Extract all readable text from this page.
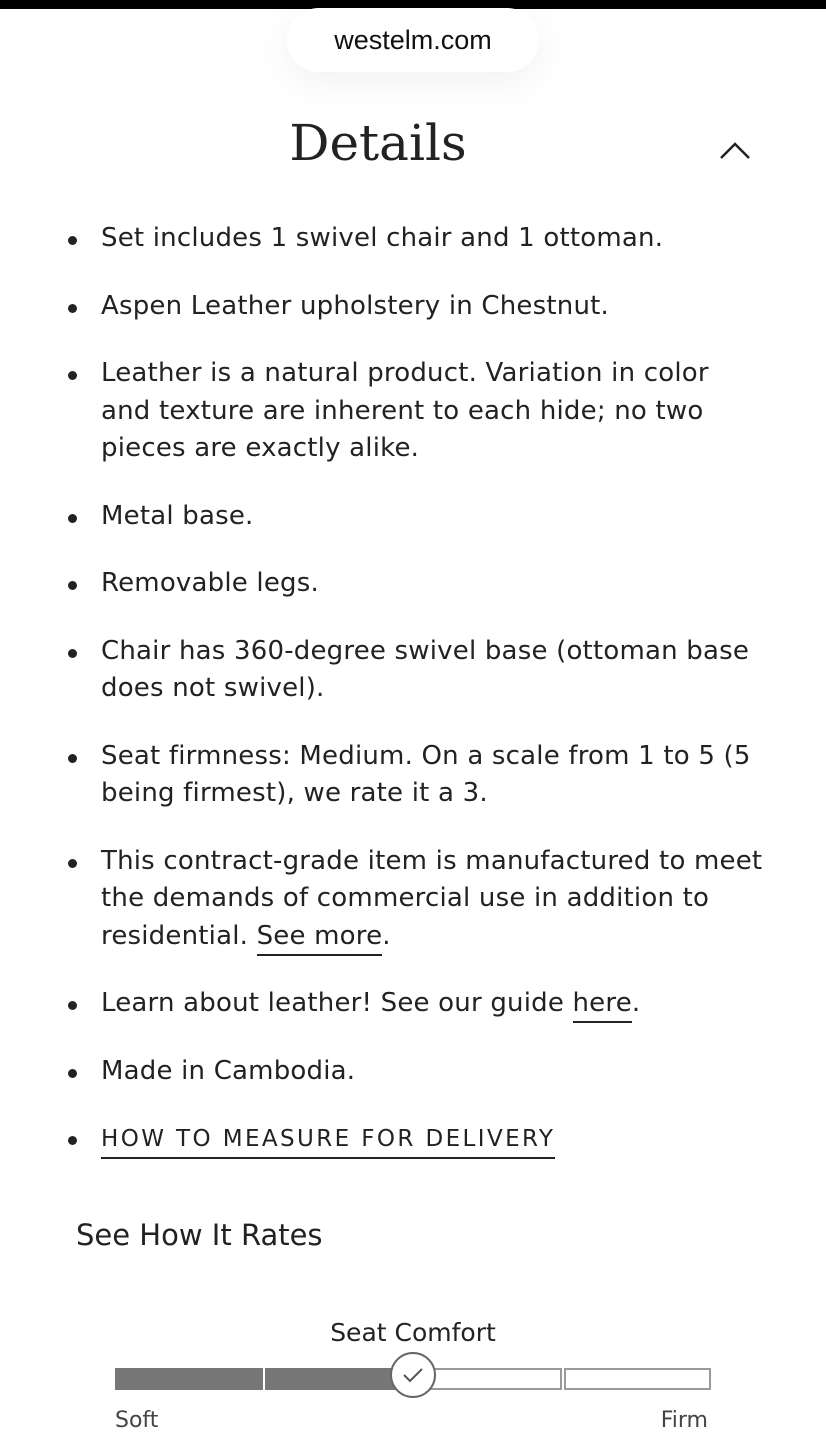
westelm.com
Details
Set includes 1 swivel chair and 1 ottoman.
Aspen Leather upholstery in Chestnut.
Leather is a natural product. Variation in color and texture are inherent to each hide; no two pieces are exactly alike.
Metal base.
Removable legs.
Chair has 360-degree swivel base (ottoman base does not swivel).
Seat firmness: Medium. On a scale from 1 to 5 (5 being firmest), we rate it a 3.
This contract-grade item is manufactured to meet the demands of commercial use in addition to residential. See more.
Learn about leather! See our guide here.
Made in Cambodia.
HOW TO MEASURE FOR DELIVERY
See How It Rates
Seat Comfort
Soft	Firm
